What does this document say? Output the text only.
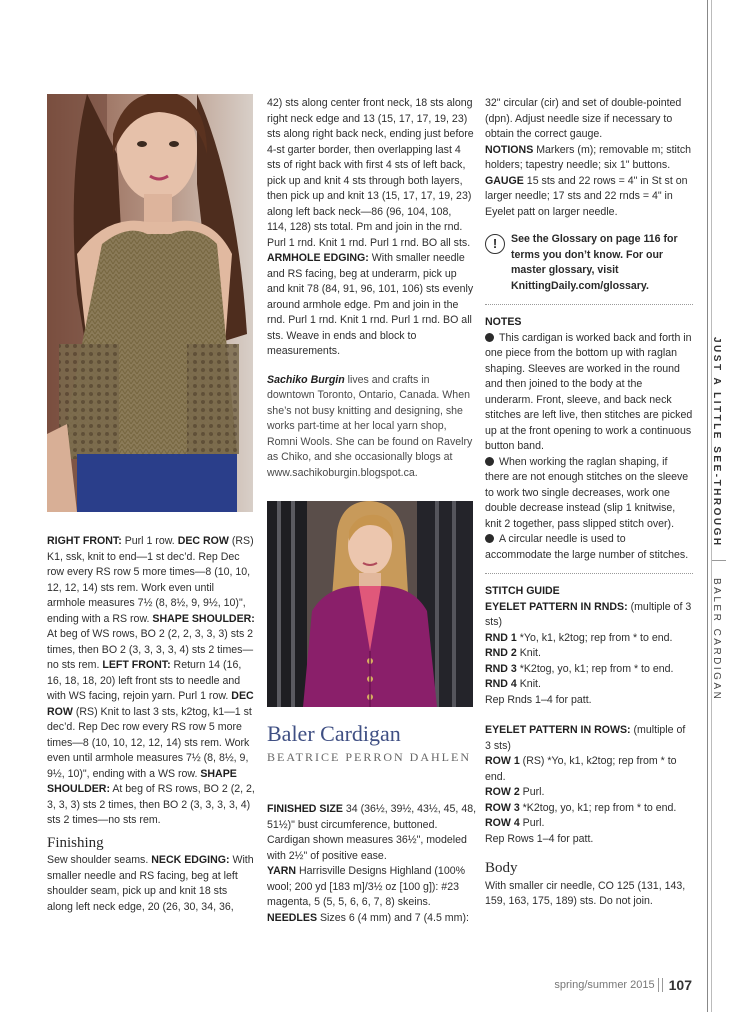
JUST A LITTLE SEE-THROUGH
BALER CARDIGAN

RIGHT FRONT: Purl 1 row. DEC ROW (RS) K1, ssk, knit to end—1 st dec’d. Rep Dec row every RS row 5 more times—8 (10, 10, 12, 12, 14) sts rem. Work even until armhole measures 7½ (8, 8½, 9, 9½, 10)", ending with a RS row. SHAPE SHOULDER: At beg of WS rows, BO 2 (2, 2, 3, 3, 3) sts 2 times, then BO 2 (3, 3, 3, 3, 4) sts 2 times—no sts rem. LEFT FRONT: Return 14 (16, 16, 18, 18, 20) left front sts to needle and with WS facing, rejoin yarn. Purl 1 row. DEC ROW (RS) Knit to last 3 sts, k2tog, k1—1 st dec’d. Rep Dec row every RS row 5 more times—8 (10, 10, 12, 12, 14) sts rem. Work even until armhole measures 7½ (8, 8½, 9, 9½, 10)", ending with a WS row. SHAPE SHOULDER: At beg of RS rows, BO 2 (2, 2, 3, 3, 3) sts 2 times, then BO 2 (3, 3, 3, 3, 4) sts 2 times—no sts rem.

Finishing

Sew shoulder seams. NECK EDGING: With smaller needle and RS facing, beg at left shoulder seam, pick up and knit 18 sts along left neck edge, 20 (26, 30, 34, 36,

42) sts along center front neck, 18 sts along right neck edge and 13 (15, 17, 17, 19, 23) sts along right back neck, ending just before 4-st garter border, then overlapping last 4 sts of right back with first 4 sts of left back, pick up and knit 4 sts through both layers, then pick up and knit 13 (15, 17, 17, 19, 23) along left back neck—86 (96, 104, 108, 114, 128) sts total. Pm and join in the rnd. Purl 1 rnd. Knit 1 rnd. Purl 1 rnd. BO all sts. ARMHOLE EDGING: With smaller needle and RS facing, beg at underarm, pick up and knit 78 (84, 91, 96, 101, 106) sts evenly around armhole edge. Pm and join in the rnd. Purl 1 rnd. Knit 1 rnd. Purl 1 rnd. BO all sts. Weave in ends and block to measurements.

Sachiko Burgin lives and crafts in downtown Toronto, Ontario, Canada. When she’s not busy knitting and designing, she works part-time at her local yarn shop, Romni Wools. She can be found on Ravelry as Chiko, and she occasionally blogs at www.sachikoburgin.blogspot.ca.

Baler Cardigan
BEATRICE PERRON DAHLEN

FINISHED SIZE 34 (36½, 39½, 43½, 45, 48, 51½)" bust circumference, buttoned. Cardigan shown measures 36½", modeled with 2½" of positive ease.

YARN Harrisville Designs Highland (100% wool; 200 yd [183 m]/3½ oz [100 g]): #23 magenta, 5 (5, 5, 6, 6, 7, 8) skeins.

NEEDLES Sizes 6 (4 mm) and 7 (4.5 mm):

32" circular (cir) and set of double-pointed (dpn). Adjust needle size if necessary to obtain the correct gauge.

NOTIONS Markers (m); removable m; stitch holders; tapestry needle; six 1" buttons.

GAUGE 15 sts and 22 rows = 4" in St st on larger needle; 17 sts and 22 rnds = 4" in Eyelet patt on larger needle.

!	See the Glossary on page 116 for terms you don’t know. For our master glossary, visit KnittingDaily.com/glossary.

NOTES

This cardigan is worked back and forth in one piece from the bottom up with raglan shaping. Sleeves are worked in the round and then joined to the body at the underarm. Front, sleeve, and back neck stitches are left live, then stitches are picked up at the front opening to work a continuous button band.

When working the raglan shaping, if there are not enough stitches on the sleeve to work two single decreases, work one double decrease instead (slip 1 knitwise, knit 2 together, pass slipped stitch over).

A circular needle is used to accommodate the large number of stitches.

STITCH GUIDE

EYELET PATTERN IN RNDS: (multiple of 3 sts)

RND 1 *Yo, k1, k2tog; rep from * to end.

RND 2 Knit.

RND 3 *K2tog, yo, k1; rep from * to end.

RND 4 Knit.

Rep Rnds 1–4 for patt.

EYELET PATTERN IN ROWS: (multiple of 3 sts)

ROW 1 (RS) *Yo, k1, k2tog; rep from * to end.

ROW 2 Purl.

ROW 3 *K2tog, yo, k1; rep from * to end.

ROW 4 Purl.

Rep Rows 1–4 for patt.

Body

With smaller cir needle, CO 125 (131, 143, 159, 163, 175, 189) sts. Do not join.

spring/summer 2015 107
